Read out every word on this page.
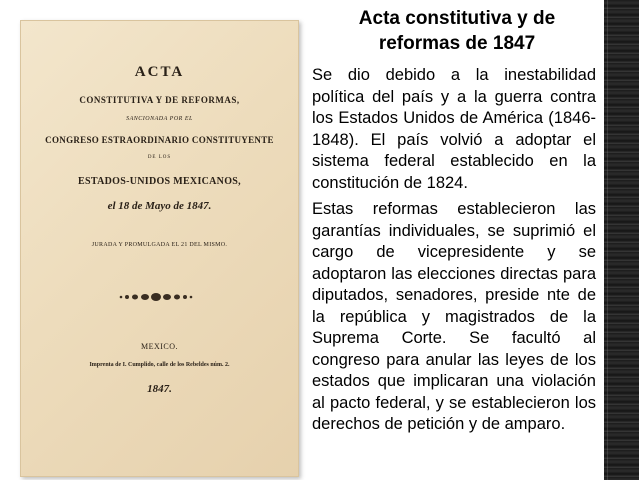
ACTA
CONSTITUTIVA Y DE REFORMAS,
SANCIONADA POR EL
CONGRESO ESTRAORDINARIO CONSTITUYENTE
DE LOS
ESTADOS-UNIDOS MEXICANOS,
el 18 de Mayo de 1847.
JURADA Y PROMULGADA EL 21 DEL MISMO.
MEXICO.
Imprenta de I. Cumplido, calle de los Rebeldes núm. 2.
1847.
Acta constitutiva y de
reformas de 1847

Se dio debido a la inestabilidad política del país y a la guerra contra los Estados Unidos de América (1846-1848). El país volvió a adoptar el sistema federal establecido en la constitución de 1824.

Estas reformas establecieron las garantías individuales, se suprimió el cargo de vicepresidente y se adoptaron las elecciones directas para diputados, senadores, preside nte de la república y magistrados de la Suprema Corte. Se facultó al congreso para anular las leyes de los estados que implicaran una violación al pacto federal, y se establecieron los derechos de petición y de amparo.
